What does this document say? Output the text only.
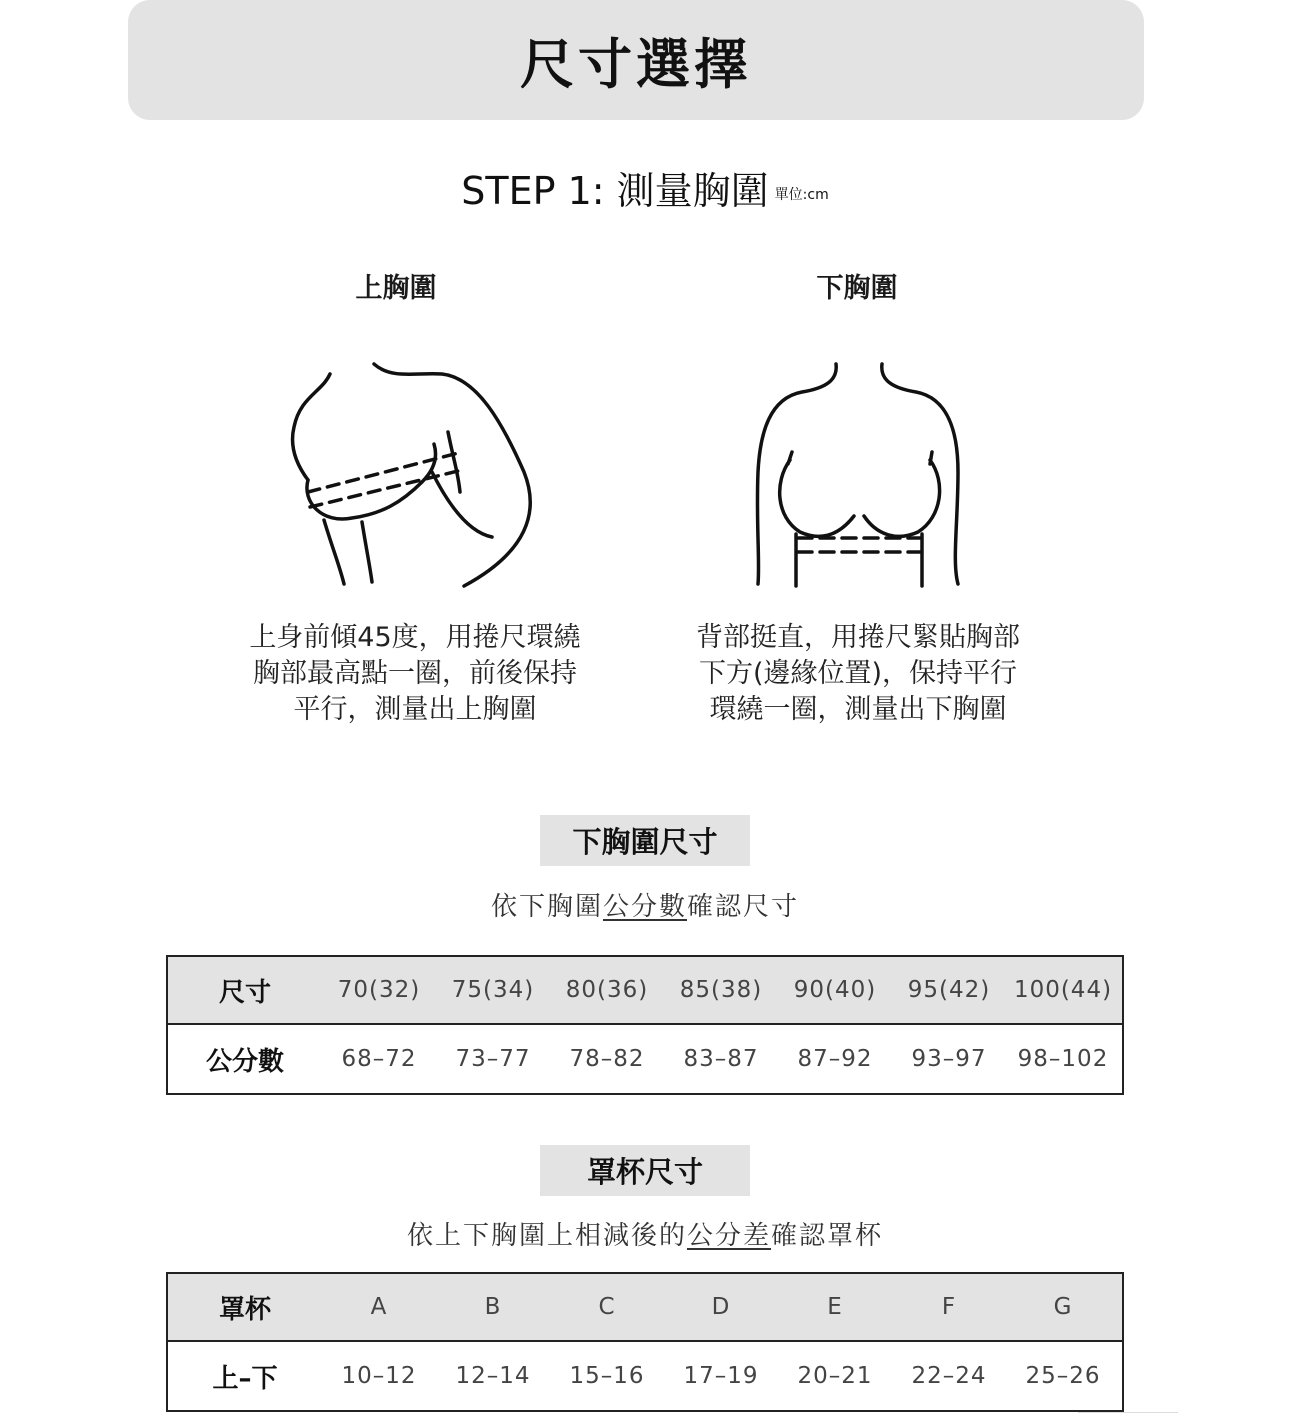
尺寸選擇
STEP 1: 測量胸圍 單位:cm
上胸圍	下胸圍
上身前傾45度，用捲尺環繞
胸部最高點一圈，前後保持
平行，測量出上胸圍
背部挺直，用捲尺緊貼胸部
下方(邊緣位置)，保持平行
環繞一圈，測量出下胸圍
下胸圍尺寸
依下胸圍公分數確認尺寸
尺寸	70(32)	75(34)	80(36)	85(38)	90(40)	95(42)	100(44)
公分數	68–72	73–77	78–82	83–87	87–92	93–97	98–102
罩杯尺寸
依上下胸圍上相減後的公分差確認罩杯
罩杯	A	B	C	D	E	F	G
上–下	10–12	12–14	15–16	17–19	20–21	22–24	25–26
